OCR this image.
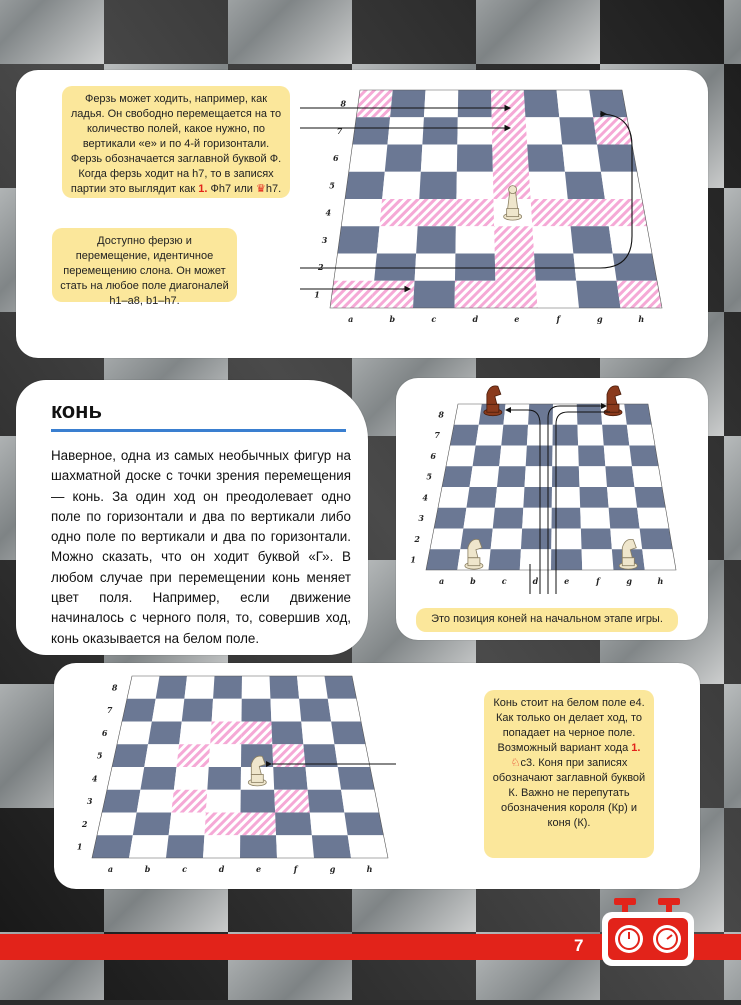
8
7
6
5
4
3
2
1
a	b	c	d	e	f	g	h
Ферзь может ходить, например, как ладья. Он свободно перемещается на то количество полей, какое нужно, по вертикали «е» и по 4-й горизонтали. Ферзь обозначается заглавной буквой Ф. Когда ферзь ходит на h7, то в записях партии это выглядит как 1. Фh7 или ♛h7.
Доступно ферзю и перемещение, идентичное перемещению слона. Он может стать на любое поле диагоналей h1–a8, b1–h7.
конь
Наверное, одна из самых необычных фигур на шахматной доске с точки зрения перемещения — конь. За один ход он преодолевает одно поле по горизонтали и два по вертикали либо одно поле по вертикали и два по горизонтали. Можно сказать, что он ходит буквой «Г». В любом случае при перемещении конь меняет цвет поля. Например, если движение начиналось с черного поля, то, совершив ход, конь оказывается на белом поле.
8
7
6
5
4
3
2
1
a	b	c	d	e	f	g	h
Это позиция коней на начальном этапе игры.
8
7
6
5
4
3
2
1
a	b	c	d	e	f	g	h
Конь стоит на белом поле e4. Как только он делает ход, то попадает на черное поле. Возможный вариант хода 1. ♘c3. Коня при записях обозначают заглавной буквой К. Важно не перепутать обозначения короля (Кр) и коня (К).
7
